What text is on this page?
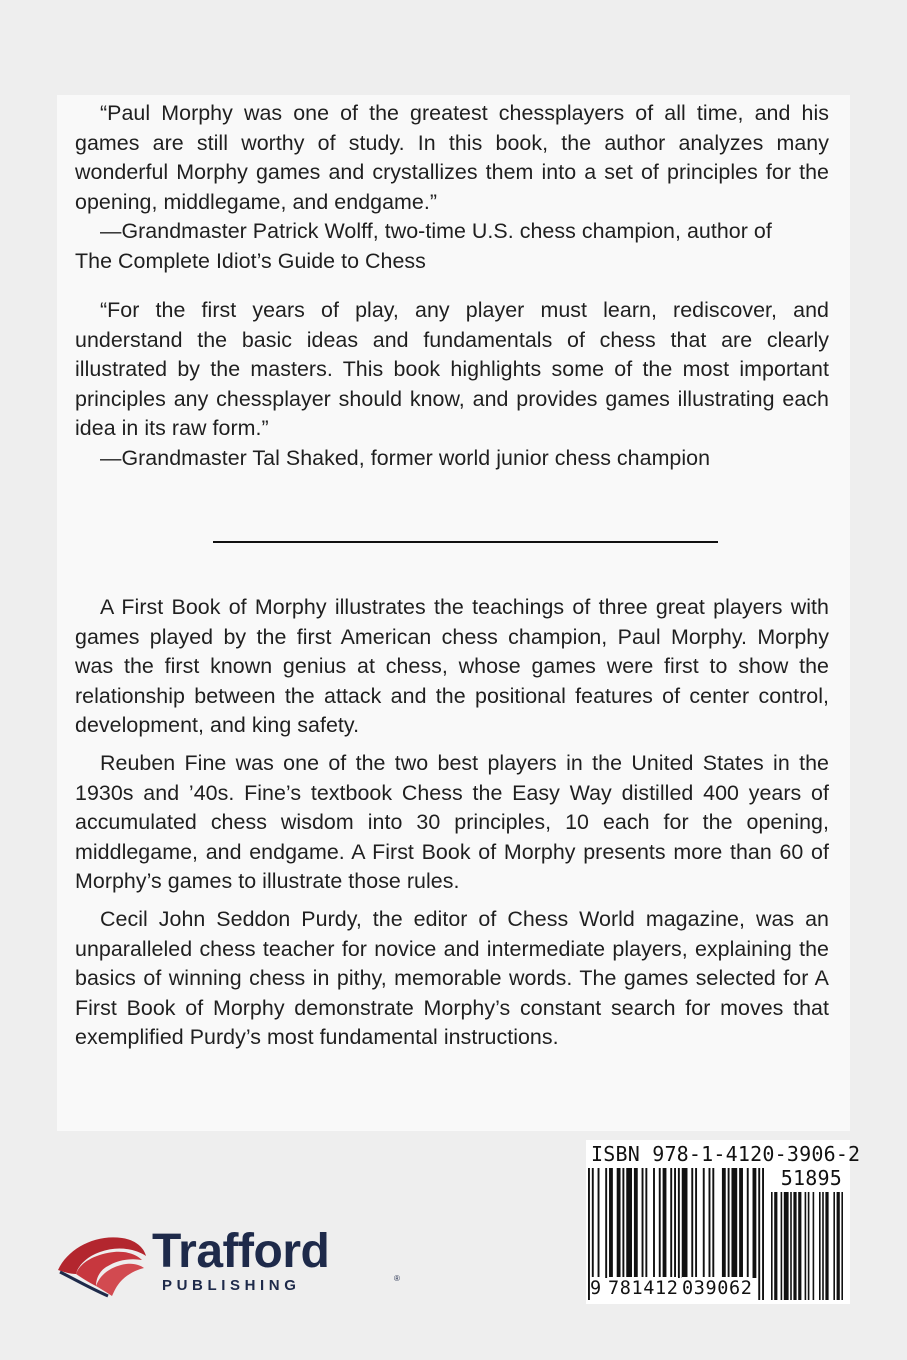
“Paul Morphy was one of the greatest chessplayers of all time, and his games are still worthy of study. In this book, the author analyzes many wonderful Morphy games and crystallizes them into a set of principles for the opening, middlegame, and endgame.”

—Grandmaster Patrick Wolff, two-time U.S. chess champion, author of

The Complete Idiot’s Guide to Chess

“For the first years of play, any player must learn, rediscover, and understand the basic ideas and fundamentals of chess that are clearly illustrated by the masters. This book highlights some of the most important principles any chessplayer should know, and provides games illustrating each idea in its raw form.”

—Grandmaster Tal Shaked, former world junior chess champion

A First Book of Morphy illustrates the teachings of three great players with games played by the first American chess champion, Paul Morphy. Morphy was the first known genius at chess, whose games were first to show the relationship between the attack and the positional features of center control, development, and king safety.

Reuben Fine was one of the two best players in the United States in the 1930s and ’40s. Fine’s textbook Chess the Easy Way distilled 400 years of accumulated chess wisdom into 30 principles, 10 each for the opening, middlegame, and endgame. A First Book of Morphy presents more than 60 of Morphy’s games to illustrate those rules.

Cecil John Seddon Purdy, the editor of Chess World magazine, was an unparalleled chess teacher for novice and intermediate players, explaining the basics of winning chess in pithy, memorable words. The games selected for A First Book of Morphy demonstrate Morphy’s constant search for moves that exemplified Purdy’s most fundamental instructions.

Trafford
PUBLISHING	®
ISBN 978-1-4120-3906-2
51895
9 781412 039062
